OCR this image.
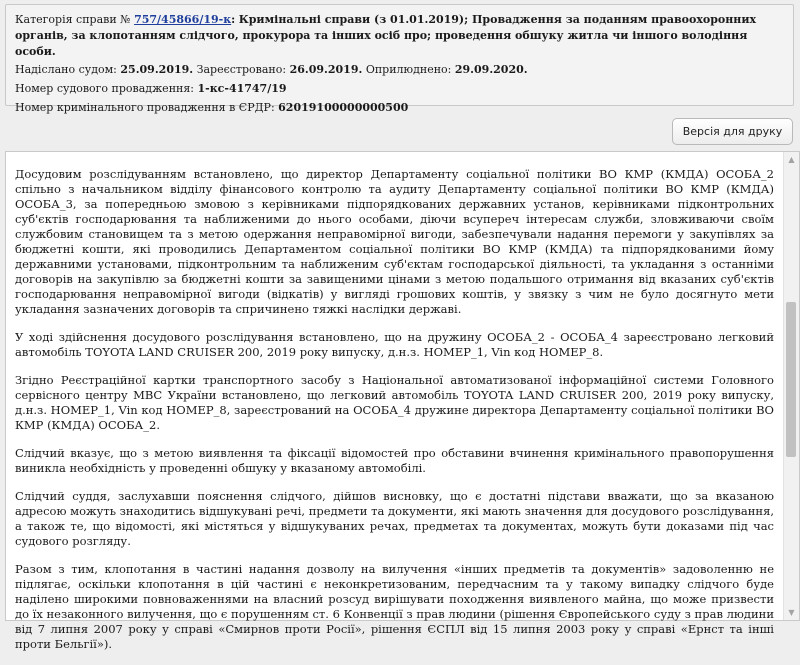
Категорія справи № 757/45866/19-к: Кримінальні справи (з 01.01.2019); Провадження за поданням правоохоронних органів, за клопотанням слідчого, прокурора та інших осіб про; проведення обшуку житла чи іншого володіння особи.
Надіслано судом: 25.09.2019. Зареєстровано: 26.09.2019. Оприлюднено: 29.09.2020.
Номер судового провадження: 1-кс-41747/19
Номер кримінального провадження в ЄРДР: 62019100000000500
Версія для друку

Досудовим розслідуванням встановлено, що директор Департаменту соціальної політики ВО КМР (КМДА) ОСОБА_2 спільно з начальником відділу фінансового контролю та аудиту Департаменту соціальної політики ВО КМР (КМДА) ОСОБА_3, за попередньою змовою з керівниками підпорядкованих державних установ, керівниками підконтрольних суб'єктів господарювання та наближеними до нього особами, діючи всупереч інтересам служби, зловживаючи своїм службовим становищем та з метою одержання неправомірної вигоди, забезпечували надання перемоги у закупівлях за бюджетні кошти, які проводились Департаментом соціальної політики ВО КМР (КМДА) та підпорядкованими йому державними установами, підконтрольним та наближеним суб'єктам господарської діяльності, та укладання з останніми договорів на закупівлю за бюджетні кошти за завищеними цінами з метою подальшого отримання від вказаних суб'єктів господарювання неправомірної вигоди (відкатів) у вигляді грошових коштів, у звязку з чим не було досягнуто мети укладання зазначених договорів та спричинено тяжкі наслідки державі.

У ході здійснення досудового розслідування встановлено, що на дружину ОСОБА_2 - ОСОБА_4 зареєстровано легковий автомобіль TOYOTA LAND CRUISER 200, 2019 року випуску, д.н.з. НОМЕР_1, Vin код НОМЕР_8.

Згідно Реєстраційної картки транспортного засобу з Національної автоматизованої інформаційної системи Головного сервісного центру МВС України встановлено, що легковий автомобіль TOYOTA LAND CRUISER 200, 2019 року випуску, д.н.з. НОМЕР_1, Vin код НОМЕР_8, зареєстрований на ОСОБА_4 дружине директора Департаменту соціальної політики ВО КМР (КМДА) ОСОБА_2.

Слідчий вказує, що з метою виявлення та фіксації відомостей про обставини вчинення кримінального правопорушення виникла необхідність у проведенні обшуку у вказаному автомобілі.

Слідчий суддя, заслухавши пояснення слідчого, дійшов висновку, що є достатні підстави вважати, що за вказаною адресою можуть знаходитись відшукувані речі, предмети та документи, які мають значення для досудового розслідування, а також те, що відомості, які містяться у відшукуваних речах, предметах та документах, можуть бути доказами під час судового розгляду.

Разом з тим, клопотання в частині надання дозволу на вилучення «інших предметів та документів» задоволенню не підлягає, оскільки клопотання в цій частині є неконкретизованим, передчасним та у такому випадку слідчого буде наділено широкими повноваженнями на власний розсуд вирішувати походження виявленого майна, що може призвести до їх незаконного вилучення, що є порушенням ст. 6 Конвенції з прав людини (рішення Європейського суду з прав людини від 7 липня 2007 року у справі «Смирнов проти Росії», рішення ЄСПЛ від 15 липня 2003 року у справі «Ернст та інші проти Бельгії»).

▲
▼
